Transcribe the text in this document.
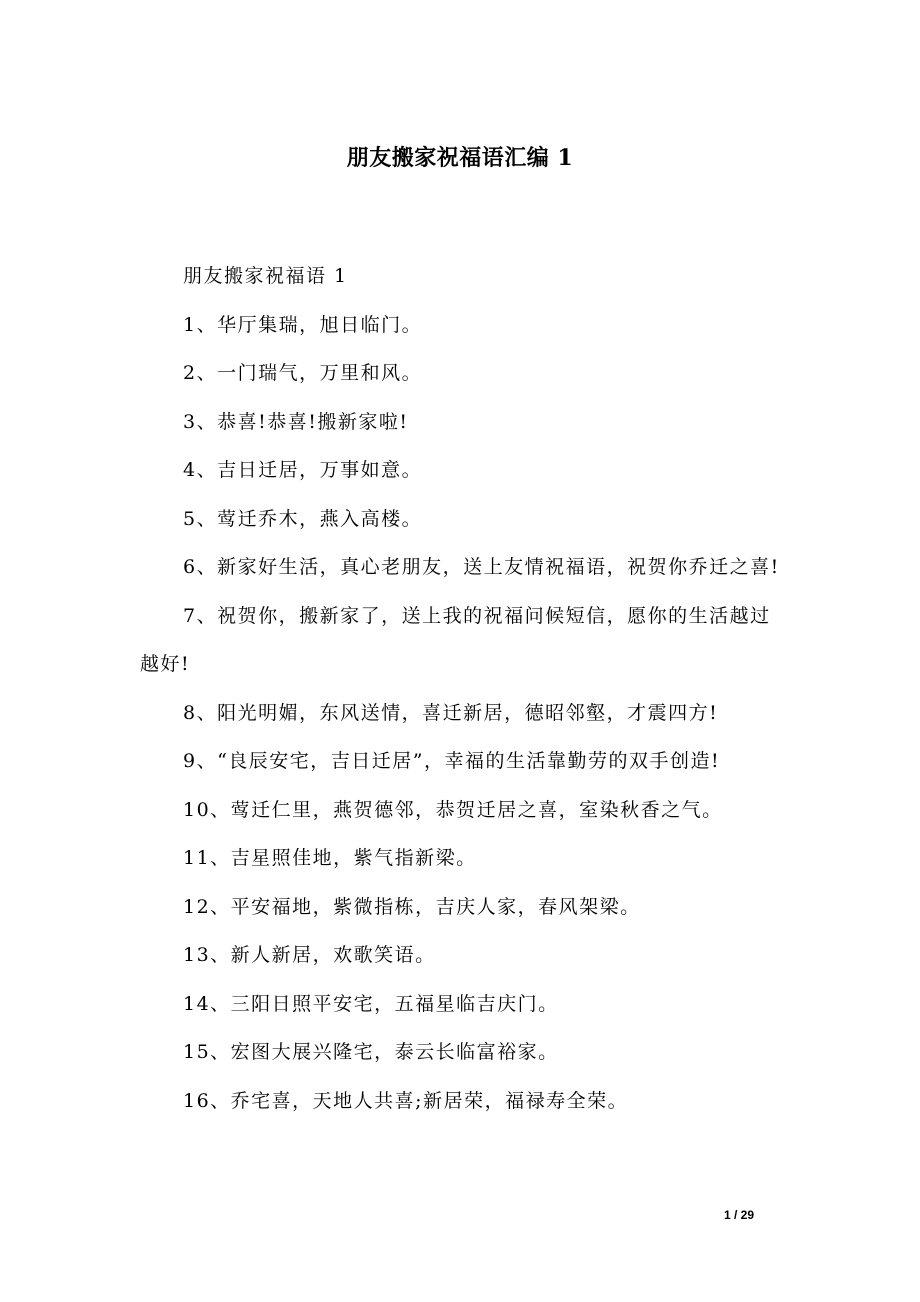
朋友搬家祝福语汇编 1

朋友搬家祝福语 1

1、华厅集瑞，旭日临门。

2、一门瑞气，万里和风。

3、恭喜!恭喜!搬新家啦!

4、吉日迁居，万事如意。

5、莺迁乔木，燕入高楼。

6、新家好生活，真心老朋友，送上友情祝福语，祝贺你乔迁之喜!

7、祝贺你，搬新家了，送上我的祝福问候短信，愿你的生活越过越好!

8、阳光明媚，东风送情，喜迁新居，德昭邻壑，才震四方!

9、“良辰安宅，吉日迁居”，幸福的生活靠勤劳的双手创造!

10、莺迁仁里，燕贺德邻，恭贺迁居之喜，室染秋香之气。

11、吉星照佳地，紫气指新梁。

12、平安福地，紫微指栋，吉庆人家，春风架梁。

13、新人新居，欢歌笑语。

14、三阳日照平安宅，五福星临吉庆门。

15、宏图大展兴隆宅，泰云长临富裕家。

16、乔宅喜，天地人共喜;新居荣，福禄寿全荣。

1 / 29
